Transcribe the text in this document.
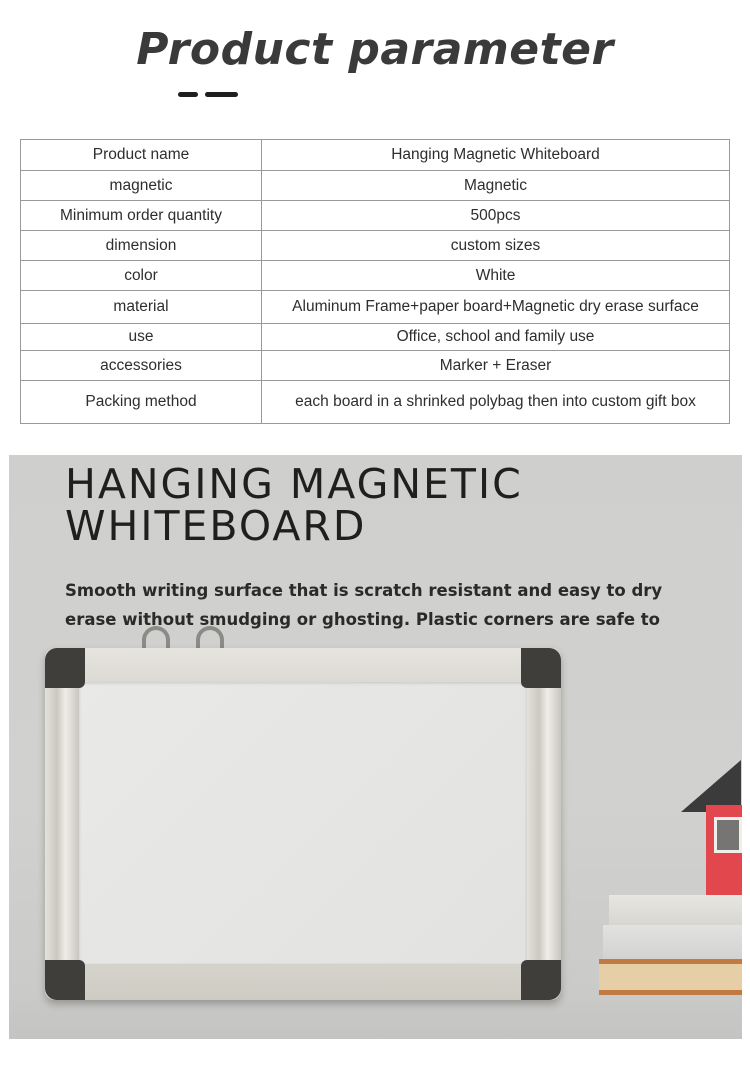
Product parameter
Product name	Hanging Magnetic Whiteboard
magnetic	Magnetic
Minimum order quantity	500pcs
dimension	custom sizes
color	White
material	Aluminum Frame+paper board+Magnetic dry erase surface
use	Office, school and family use
accessories	Marker + Eraser
Packing method	each board in a shrinked polybag then into custom gift box
HANGING MAGNETIC
WHITEBOARD
Smooth writing surface that is scratch resistant and easy to dry
erase without smudging or ghosting. Plastic corners are safe to
